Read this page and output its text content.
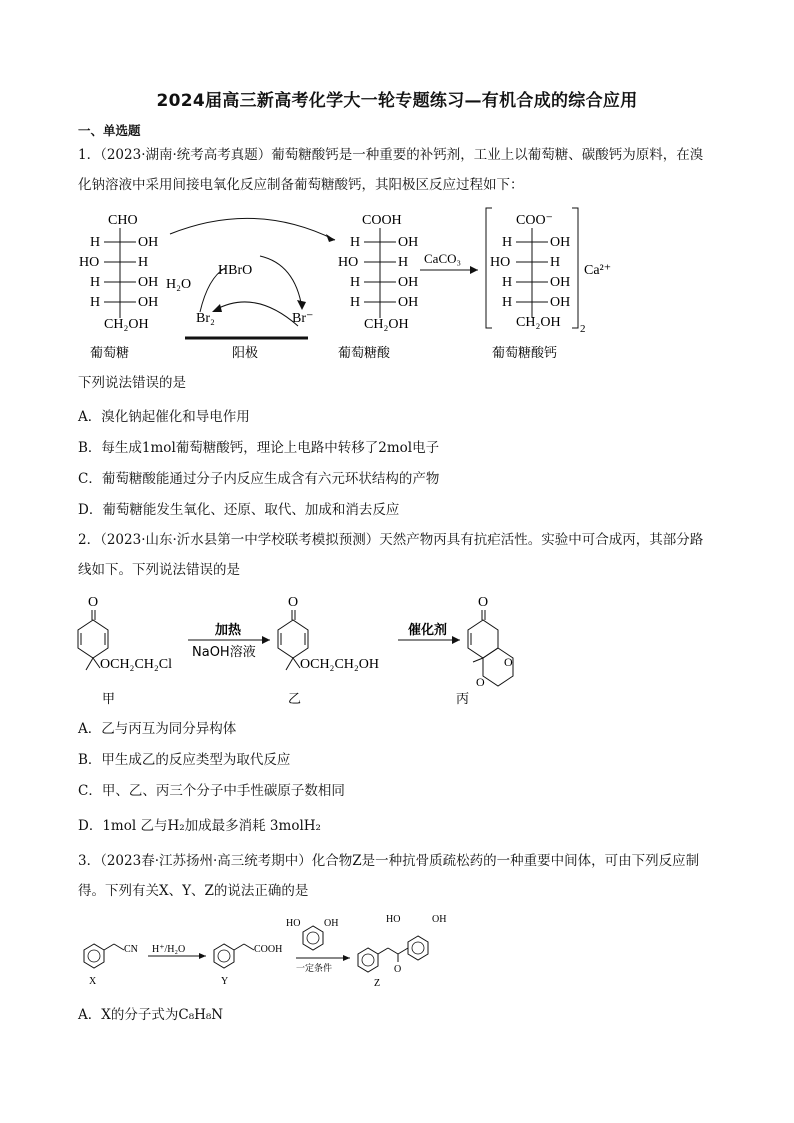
2024届高三新高考化学大一轮专题练习—有机合成的综合应用
一、单选题
1．（2023·湖南·统考高考真题）葡萄糖酸钙是一种重要的补钙剂，工业上以葡萄糖、碳酸钙为原料，在溴
化钠溶液中采用间接电氧化反应制备葡萄糖酸钙，其阳极区反应过程如下：
CHO
H	OH
HO	H
H	OH
H	OH
CH₂OH
葡萄糖
HBrO
H₂O
Br₂	Br⁻
阳极
COOH
H	OH
HO	H
H	OH
H	OH
CH₂OH
葡萄糖酸
CaCO₃
COO⁻
H	OH
HO	H
H	OH
H	OH
CH₂OH 2
Ca²⁺
葡萄糖酸钙
下列说法错误的是
A．溴化钠起催化和导电作用
B．每生成1mol葡萄糖酸钙，理论上电路中转移了2mol电子
C．葡萄糖酸能通过分子内反应生成含有六元环状结构的产物
D．葡萄糖能发生氧化、还原、取代、加成和消去反应
2．（2023·山东·沂水县第一中学校联考模拟预测）天然产物丙具有抗疟活性。实验中可合成丙，其部分路
线如下。下列说法错误的是
O
OCH₂CH₂Cl
甲
加热
NaOH溶液
O
OCH₂CH₂OH
乙
催化剂
O
O
O
丙
A．乙与丙互为同分异构体
B．甲生成乙的反应类型为取代反应
C．甲、乙、丙三个分子中手性碳原子数相同
D．1mol 乙与H₂加成最多消耗 3molH₂
3．（2023春·江苏扬州·高三统考期中）化合物Z是一种抗骨质疏松药的一种重要中间体，可由下列反应制
得。下列有关X、Y、Z的说法正确的是
CN
X
H⁺/H₂O	COOH
Y
HO OH
一定条件	O
HO	OH
Z
A．X的分子式为C₈H₈N
